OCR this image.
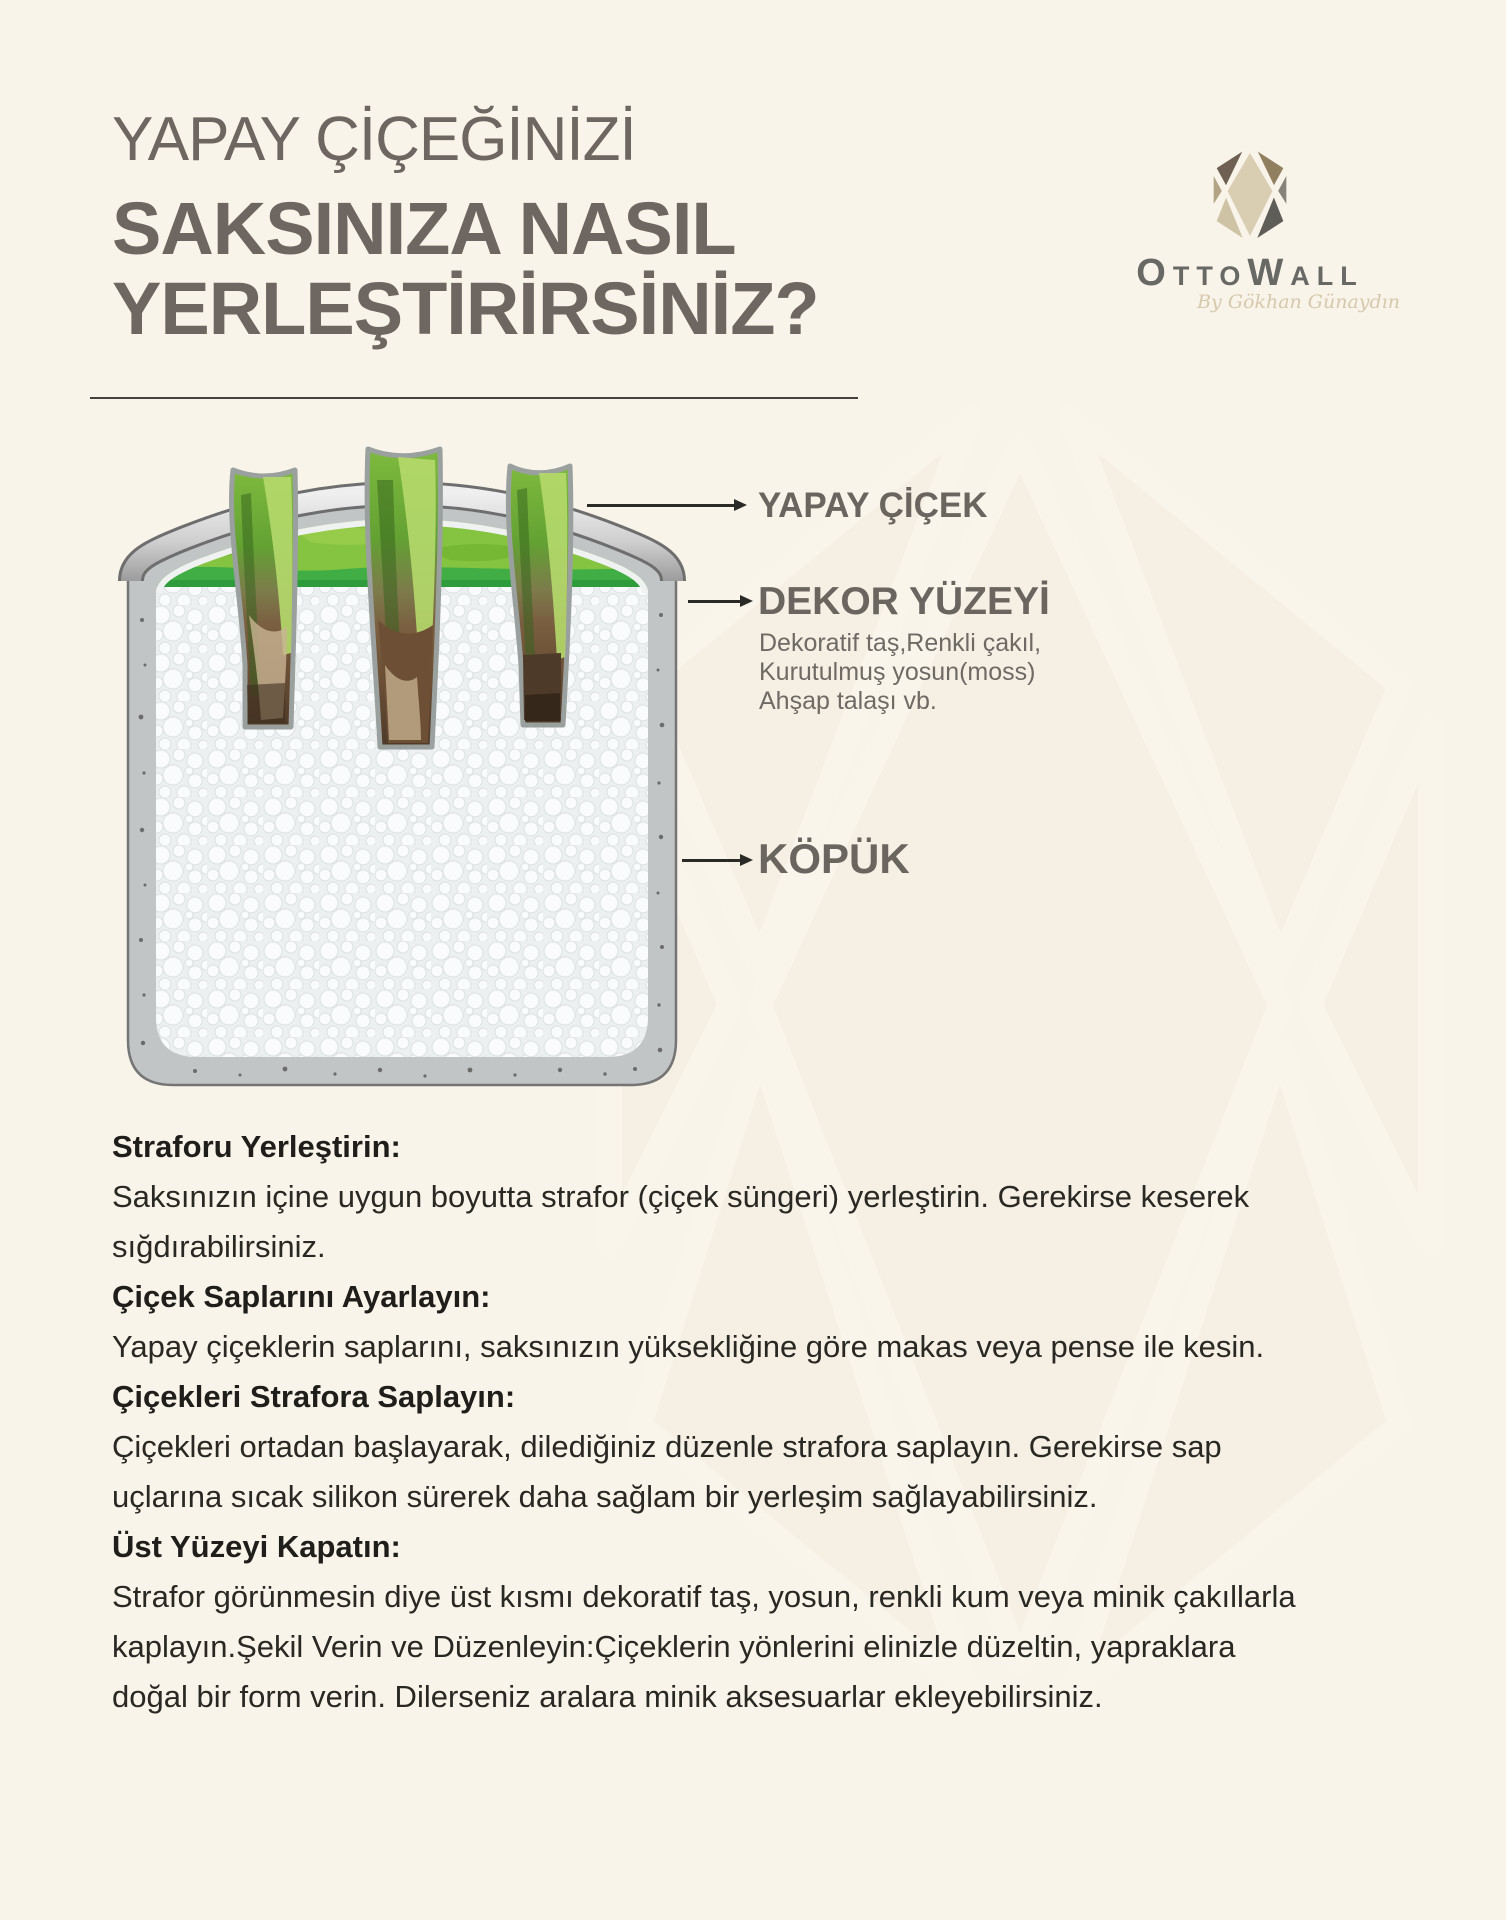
YAPAY ÇİÇEĞİNİZİ
SAKSINIZA NASIL
YERLEŞTİRİRSİNİZ?	OttoWall
By Gökhan Günaydın
YAPAY ÇİÇEK
DEKOR YÜZEYİ
Dekoratif taş,Renkli çakıl,
Kurutulmuş yosun(moss)
Ahşap talaşı vb.
KÖPÜK
Straforu Yerleştirin:
Saksınızın içine uygun boyutta strafor (çiçek süngeri) yerleştirin. Gerekirse keserek sığdırabilirsiniz.
Çiçek Saplarını Ayarlayın:
Yapay çiçeklerin saplarını, saksınızın yüksekliğine göre makas veya pense ile kesin.
Çiçekleri Strafora Saplayın:
Çiçekleri ortadan başlayarak, dilediğiniz düzenle strafora saplayın. Gerekirse sap uçlarına sıcak silikon sürerek daha sağlam bir yerleşim sağlayabilirsiniz.
Üst Yüzeyi Kapatın:
Strafor görünmesin diye üst kısmı dekoratif taş, yosun, renkli kum veya minik çakıllarla kaplayın.Şekil Verin ve Düzenleyin:Çiçeklerin yönlerini elinizle düzeltin, yapraklara doğal bir form verin. Dilerseniz aralara minik aksesuarlar ekleyebilirsiniz.
